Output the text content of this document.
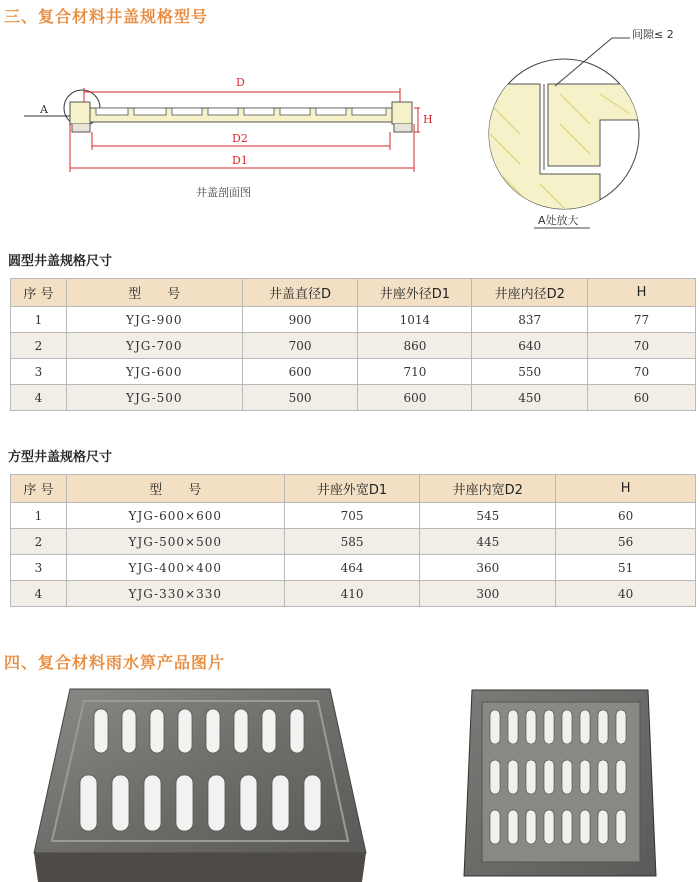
三、复合材料井盖规格型号
A
D
D2
D1
H
井盖剖面图
间隙≤ 2
A处放大
圆型井盖规格尺寸
序 号	型　　号	井盖直径D	井座外径D1	井座内径D2	H
1	YJG-900	900	1014	837	77
2	YJG-700	700	860	640	70
3	YJG-600	600	710	550	70
4	YJG-500	500	600	450	60
方型井盖规格尺寸
序 号	型　　号	井座外宽D1	井座内宽D2	H
1	YJG-600×600	705	545	60
2	YJG-500×500	585	445	56
3	YJG-400×400	464	360	51
4	YJG-330×330	410	300	40
四、复合材料雨水箅产品图片
